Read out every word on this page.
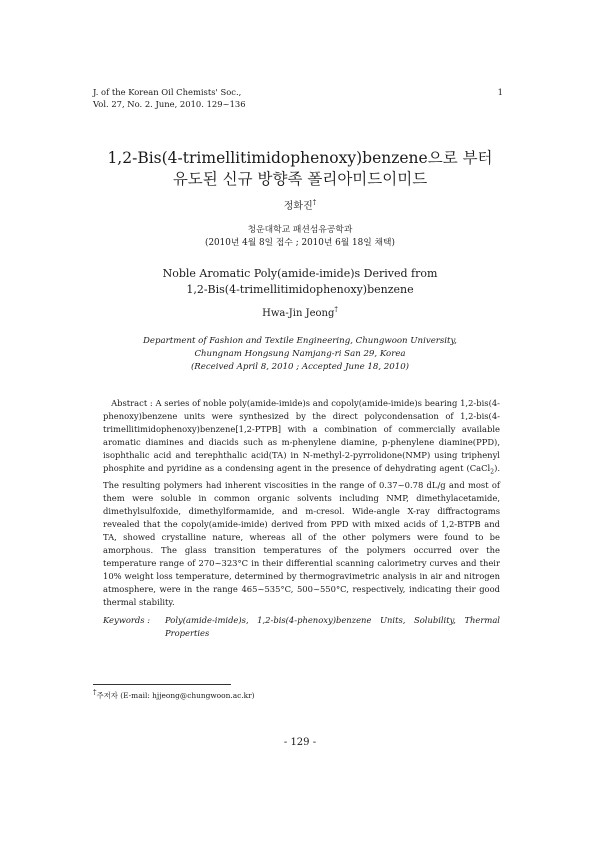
J. of the Korean Oil Chemists' Soc.,
Vol. 27, No. 2. June, 2010. 129~136
1
1,2-Bis(4-trimellitimidophenoxy)benzene으로 부터
유도된 신규 방향족 폴리아미드이미드
정화진†
청운대학교 패션섬유공학과
(2010년 4월 8일 접수 ; 2010년 6월 18일 채택)
Noble Aromatic Poly(amide-imide)s Derived from
1,2-Bis(4-trimellitimidophenoxy)benzene
Hwa-Jin Jeong†
Department of Fashion and Textile Engineering, Chungwoon University,
Chungnam Hongsung Namjang-ri San 29, Korea
(Received April 8, 2010 ; Accepted June 18, 2010)
Abstract : A series of noble poly(amide-imide)s and copoly(amide-imide)s bearing 1,2-bis(4-phenoxy)benzene units were synthesized by the direct polycondensation of 1,2-bis(4-trimellitimidophenoxy)benzene[1,2-PTPB] with a combination of commercially available aromatic diamines and diacids such as m-phenylene diamine, p-phenylene diamine(PPD), isophthalic acid and terephthalic acid(TA) in N-methyl-2-pyrrolidone(NMP) using triphenyl phosphite and pyridine as a condensing agent in the presence of dehydrating agent (CaCl$_2$). The resulting polymers had inherent viscosities in the range of 0.37~0.78 dL/g and most of them were soluble in common organic solvents including NMP, dimethylacetamide, dimethylsulfoxide, dimethylformamide, and m-cresol. Wide-angle X-ray diffractograms revealed that the copoly(amide-imide) derived from PPD with mixed acids of 1,2-BTPB and TA, showed crystalline nature, whereas all of the other polymers were found to be amorphous. The glass transition temperatures of the polymers occurred over the temperature range of 270~323°C in their differential scanning calorimetry curves and their 10% weight loss temperature, determined by thermogravimetric analysis in air and nitrogen atmosphere, were in the range 465~535°C, 500~550°C, respectively, indicating their good thermal stability.
Keywords :	Poly(amide-imide)s, 1,2-bis(4-phenoxy)benzene Units, Solubility, Thermal Properties
†주저자 (E-mail: hjjeong@chungwoon.ac.kr)
- 129 -
